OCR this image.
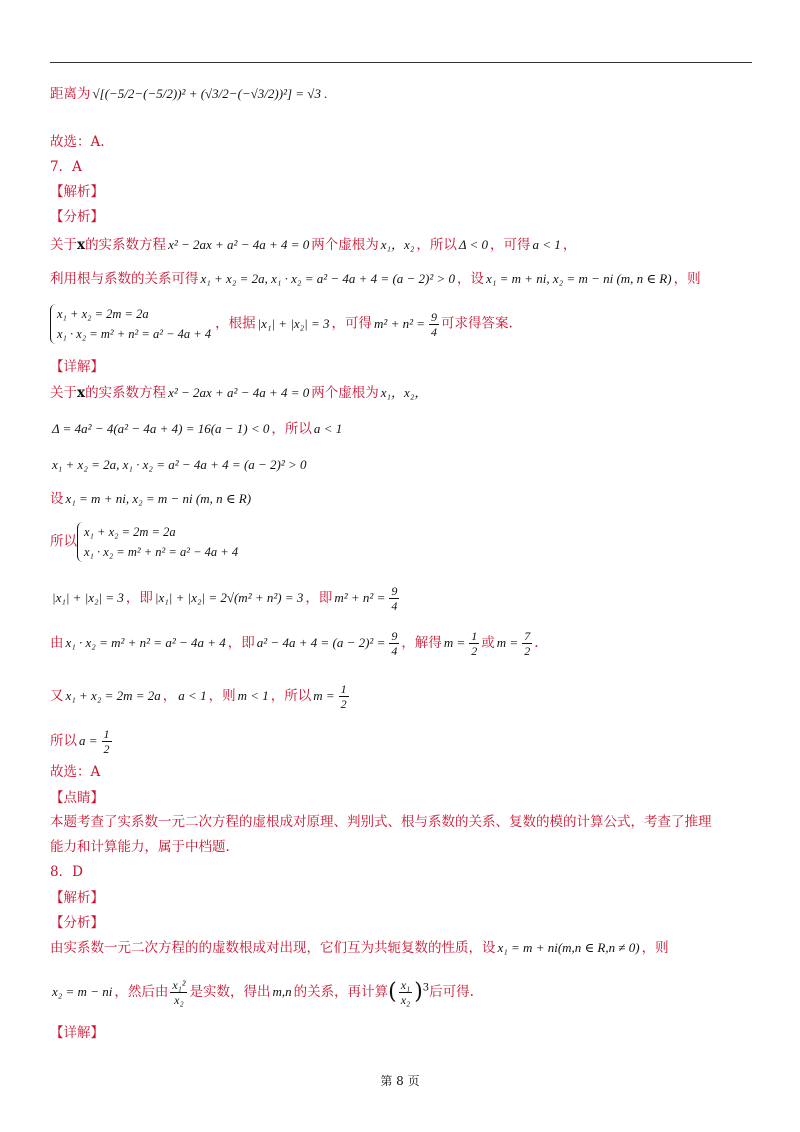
距离为 √[(−5/2−(−5/2))² + (√3/2−(−√3/2))²] = √3 .
故选：A.
7．A
【解析】
【分析】
关于x的实系数方程 x² − 2ax + a² − 4a + 4 = 0 两个虚根为 x₁，x₂ ，所以 Δ < 0 ，可得 a < 1 ，
利用根与系数的关系可得 x₁ + x₂ = 2a, x₁ · x₂ = a² − 4a + 4 = (a − 2)² > 0 ，设 x₁ = m + ni, x₂ = m − ni (m, n ∈ R) ，则
x₁ + x₂ = 2m = 2a
x₁ · x₂ = m² + n² = a² − 4a + 4
，根据 |x₁| + |x₂| = 3 ，可得 $m^2 + n^2 = \frac{9}{4}$ 可求得答案.
【详解】
关于x的实系数方程 x² − 2ax + a² − 4a + 4 = 0 两个虚根为 x₁，x₂，
Δ = 4a² − 4(a² − 4a + 4) = 16(a − 1) < 0 ，所以 a < 1
x₁ + x₂ = 2a, x₁ · x₂ = a² − 4a + 4 = (a − 2)² > 0
设 x₁ = m + ni, x₂ = m − ni (m, n ∈ R)
所以
x₁ + x₂ = 2m = 2a
x₁ · x₂ = m² + n² = a² − 4a + 4
|x₁| + |x₂| = 3 ，即 |x₁| + |x₂| = 2√(m² + n²) = 3 ，即 $m^2 + n^2 = \frac{9}{4}$
由 x₁ · x₂ = m² + n² = a² − 4a + 4 ，即 $a^2 - 4a + 4 = (a - 2)^2 = \frac{9}{4}$ ，解得 $m = \frac{1}{2}$ 或 $m = \frac{7}{2}$ .
又 x₁ + x₂ = 2m = 2a ， a < 1 ，则 m < 1 ，所以 $m = \frac{1}{2}$
所以 $a = \frac{1}{2}$
故选：A
【点睛】
本题考查了实系数一元二次方程的虚根成对原理、判别式、根与系数的关系、复数的模的计算公式，考查了推理
能力和计算能力，属于中档题.
8．D
【解析】
【分析】
由实系数一元二次方程的的虚数根成对出现，它们互为共轭复数的性质，设 x₁ = m + ni(m,n ∈ R,n ≠ 0) ，则
x₂ = m − ni ，然后由 $\frac{\text{x₁²}}{\text{x₂}}$ 是实数，得出 m,n 的关系，再计算( $\frac{\text{x₁}}{\text{x₂}} )^3$后可得.
【详解】
第 8 页
